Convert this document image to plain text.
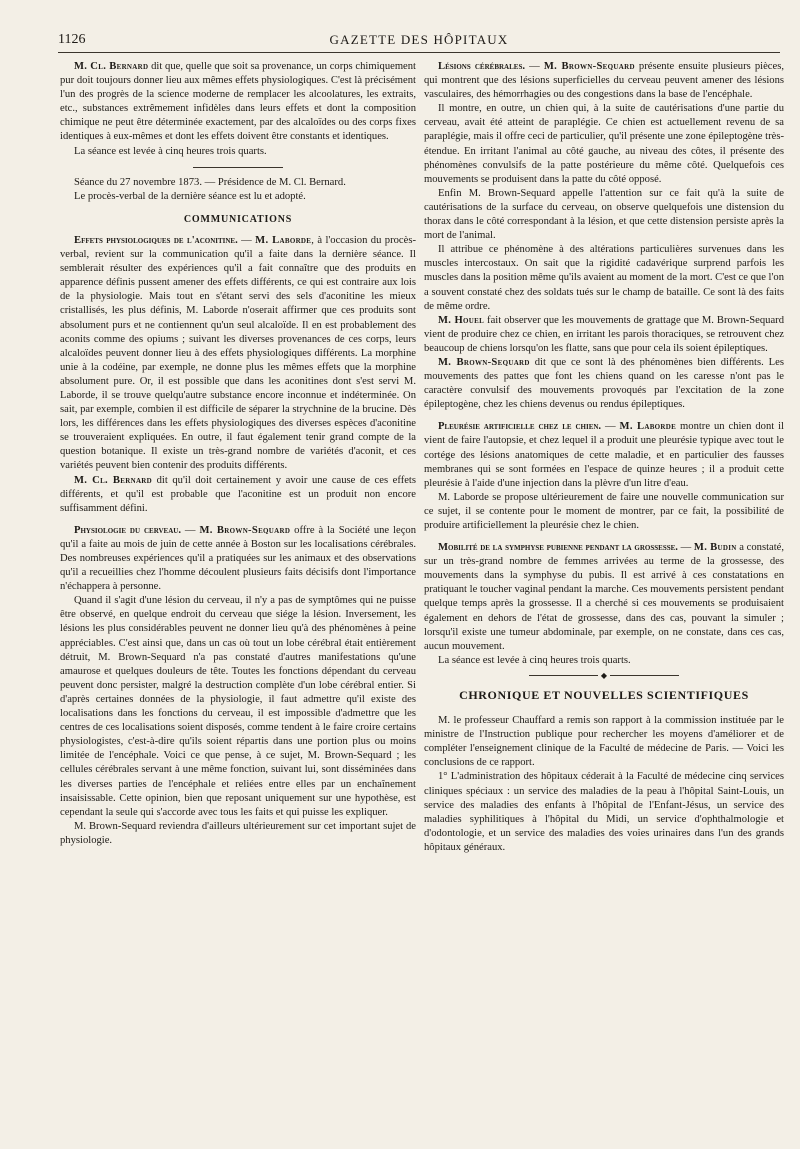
1126	GAZETTE DES HÔPITAUX

M. Cl. Bernard dit que, quelle que soit sa provenance, un corps chimiquement pur doit toujours donner lieu aux mêmes effets physiologiques. C'est là précisément l'un des progrès de la science moderne de remplacer les alcoolatures, les extraits, etc., substances extrêmement infidèles dans leurs effets et dont la composition chimique ne peut être déterminée exactement, par des alcaloïdes ou des corps fixes identiques à eux-mêmes et dont les effets doivent être constants et identiques.

La séance est levée à cinq heures trois quarts.

Séance du 27 novembre 1873. — Présidence de M. Cl. Bernard.

Le procès-verbal de la dernière séance est lu et adopté.

COMMUNICATIONS

Effets physiologiques de l'aconitine. — M. Laborde, à l'occasion du procès-verbal, revient sur la communication qu'il a faite dans la dernière séance. Il semblerait résulter des expériences qu'il a fait connaître que des produits en apparence définis pussent amener des effets différents, ce qui est contraire aux lois de la physiologie. Mais tout en s'étant servi des sels d'aconitine les mieux cristallisés, les plus définis, M. Laborde n'oserait affirmer que ces produits sont absolument purs et ne contiennent qu'un seul alcaloïde. Il en est probablement des aconits comme des opiums ; suivant les diverses provenances de ces corps, leurs alcaloïdes peuvent donner lieu à des effets physiologiques différents. La morphine unie à la codéine, par exemple, ne donne plus les mêmes effets que la morphine absolument pure. Or, il est possible que dans les aconitines dont s'est servi M. Laborde, il se trouve quelqu'autre substance encore inconnue et indéterminée. On sait, par exemple, combien il est difficile de séparer la strychnine de la brucine. Dès lors, les différences dans les effets physiologiques des diverses espèces d'aconitine se trouveraient expliquées. En outre, il faut également tenir grand compte de la question botanique. Il existe un très-grand nombre de variétés d'aconit, et ces variétés peuvent bien contenir des produits différents.

M. Cl. Bernard dit qu'il doit certainement y avoir une cause de ces effets différents, et qu'il est probable que l'aconitine est un produit non encore suffisamment défini.

Physiologie du cerveau. — M. Brown-Sequard offre à la Société une leçon qu'il a faite au mois de juin de cette année à Boston sur les localisations cérébrales. Des nombreuses expériences qu'il a pratiquées sur les animaux et des observations qu'il a recueillies chez l'homme découlent plusieurs faits décisifs dont l'importance n'échappera à personne.

Quand il s'agit d'une lésion du cerveau, il n'y a pas de symptômes qui ne puisse être observé, en quelque endroit du cerveau que siége la lésion. Inversement, les lésions les plus considérables peuvent ne donner lieu qu'à des phénomènes à peine appréciables. C'est ainsi que, dans un cas où tout un lobe cérébral était entièrement détruit, M. Brown-Sequard n'a pas constaté d'autres manifestations qu'une amaurose et quelques douleurs de tête. Toutes les fonctions dépendant du cerveau peuvent donc persister, malgré la destruction complète d'un lobe cérébral entier. Si d'après certaines données de la physiologie, il faut admettre qu'il existe des localisations dans les fonctions du cerveau, il est impossible d'admettre que les centres de ces localisations soient disposés, comme tendent à le faire croire certains physiologistes, c'est-à-dire qu'ils soient répartis dans une portion plus ou moins limitée de l'encéphale. Voici ce que pense, à ce sujet, M. Brown-Sequard ; les cellules cérébrales servant à une même fonction, suivant lui, sont disséminées dans les diverses parties de l'encéphale et reliées entre elles par un enchaînement insaisissable. Cette opinion, bien que reposant uniquement sur une hypothèse, est cependant la seule qui s'accorde avec tous les faits et qui puisse les expliquer.

M. Brown-Sequard reviendra d'ailleurs ultérieurement sur cet important sujet de physiologie.

Lésions cérébrales. — M. Brown-Sequard présente ensuite plusieurs pièces, qui montrent que des lésions superficielles du cerveau peuvent amener des lésions vasculaires, des hémorrhagies ou des congestions dans la base de l'encéphale.

Il montre, en outre, un chien qui, à la suite de cautérisations d'une partie du cerveau, avait été atteint de paraplégie. Ce chien est actuellement revenu de sa paraplégie, mais il offre ceci de particulier, qu'il présente une zone épileptogène très-étendue. En irritant l'animal au côté gauche, au niveau des côtes, il présente des phénomènes convulsifs de la patte postérieure du même côté. Quelquefois ces mouvements se produisent dans la patte du côté opposé.

Enfin M. Brown-Sequard appelle l'attention sur ce fait qu'à la suite de cautérisations de la surface du cerveau, on observe quelquefois une distension du thorax dans le côté correspondant à la lésion, et que cette distension persiste après la mort de l'animal.

Il attribue ce phénomène à des altérations particulières survenues dans les muscles intercostaux. On sait que la rigidité cadavérique surprend parfois les muscles dans la position même qu'ils avaient au moment de la mort. C'est ce que l'on a souvent constaté chez des soldats tués sur le champ de bataille. Ce sont là des faits de même ordre.

M. Houel fait observer que les mouvements de grattage que M. Brown-Sequard vient de produire chez ce chien, en irritant les parois thoraciques, se retrouvent chez beaucoup de chiens lorsqu'on les flatte, sans que pour cela ils soient épileptiques.

M. Brown-Sequard dit que ce sont là des phénomènes bien différents. Les mouvements des pattes que font les chiens quand on les caresse n'ont pas le caractère convulsif des mouvements provoqués par l'excitation de la zone épileptogène, chez les chiens devenus ou rendus épileptiques.

Pleurésie artificielle chez le chien. — M. Laborde montre un chien dont il vient de faire l'autopsie, et chez lequel il a produit une pleurésie typique avec tout le cortége des lésions anatomiques de cette maladie, et en particulier des fausses membranes qui se sont formées en l'espace de quinze heures ; il a produit cette pleurésie à l'aide d'une injection dans la plèvre d'un litre d'eau.

M. Laborde se propose ultérieurement de faire une nouvelle communication sur ce sujet, il se contente pour le moment de montrer, par ce fait, la possibilité de produire artificiellement la pleurésie chez le chien.

Mobilité de la symphyse pubienne pendant la grossesse. — M. Budin a constaté, sur un très-grand nombre de femmes arrivées au terme de la grossesse, des mouvements dans la symphyse du pubis. Il est arrivé à ces constatations en pratiquant le toucher vaginal pendant la marche. Ces mouvements persistent pendant quelque temps après la grossesse. Il a cherché si ces mouvements se produisaient également en dehors de l'état de grossesse, dans des cas, pouvant la simuler ; lorsqu'il existe une tumeur abdominale, par exemple, on ne constate, dans ces cas, aucun mouvement.

La séance est levée à cinq heures trois quarts.

◆
CHRONIQUE ET NOUVELLES SCIENTIFIQUES

M. le professeur Chauffard a remis son rapport à la commission instituée par le ministre de l'Instruction publique pour rechercher les moyens d'améliorer et de compléter l'enseignement clinique de la Faculté de médecine de Paris. — Voici les conclusions de ce rapport.

1° L'administration des hôpitaux céderait à la Faculté de médecine cinq services cliniques spéciaux : un service des maladies de la peau à l'hôpital Saint-Louis, un service des maladies des enfants à l'hôpital de l'Enfant-Jésus, un service des maladies syphilitiques à l'hôpital du Midi, un service d'ophthalmologie et d'odontologie, et un service des maladies des voies urinaires dans l'un des grands hôpitaux généraux.
